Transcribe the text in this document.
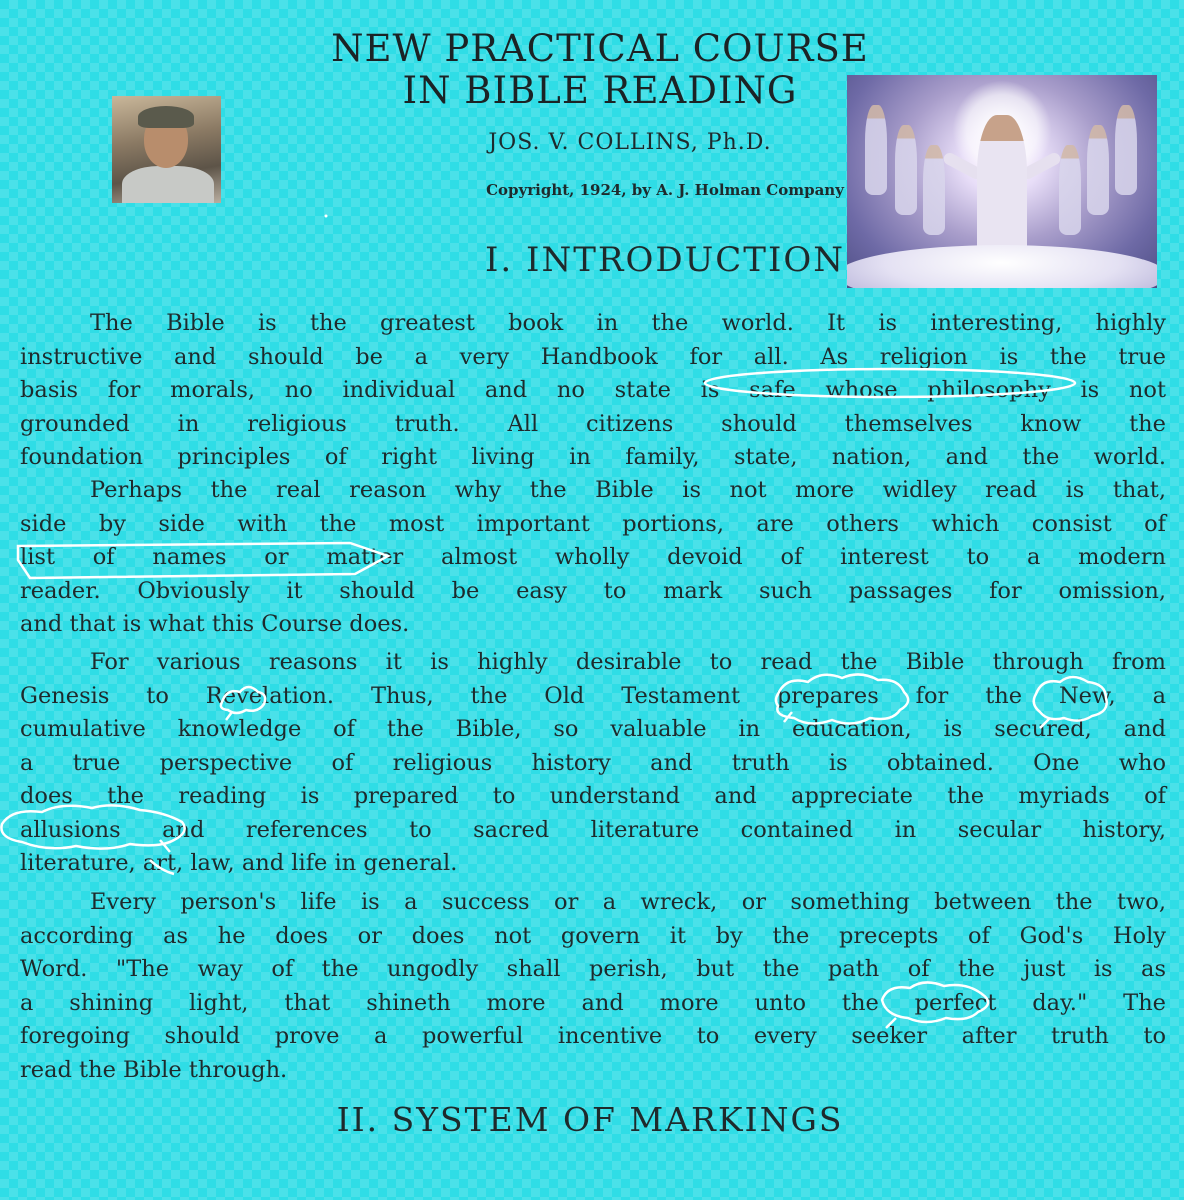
NEW PRACTICAL COURSE
IN BIBLE READING
JOS. V. COLLINS, Ph.D.
Copyright, 1924, by A. J. Holman Company
I. INTRODUCTION
The Bible is the greatest book in the world. It is interesting, highly
instructive and should be a very Handbook for all. As religion is the true
basis for morals, no individual and no state is safe whose philosophy is not
grounded in religious truth. All citizens should themselves know the
foundation principles of right living in family, state, nation, and the world.
Perhaps the real reason why the Bible is not more widley read is that,
side by side with the most important portions, are others which consist of
list of names or matter almost wholly devoid of interest to a modern
reader. Obviously it should be easy to mark such passages for omission,
and that is what this Course does.
For various reasons it is highly desirable to read the Bible through from
Genesis to Revelation. Thus, the Old Testament prepares for the New, a
cumulative knowledge of the Bible, so valuable in education, is secured, and
a true perspective of religious history and truth is obtained. One who
does the reading is prepared to understand and appreciate the myriads of
allusions and references to sacred literature contained in secular history,
literature, art, law, and life in general.
Every person's life is a success or a wreck, or something between the two,
according as he does or does not govern it by the precepts of God's Holy
Word. "The way of the ungodly shall perish, but the path of the just is as
a shining light, that shineth more and more unto the perfect day." The
foregoing should prove a powerful incentive to every seeker after truth to
read the Bible through.
II. SYSTEM OF MARKINGS
